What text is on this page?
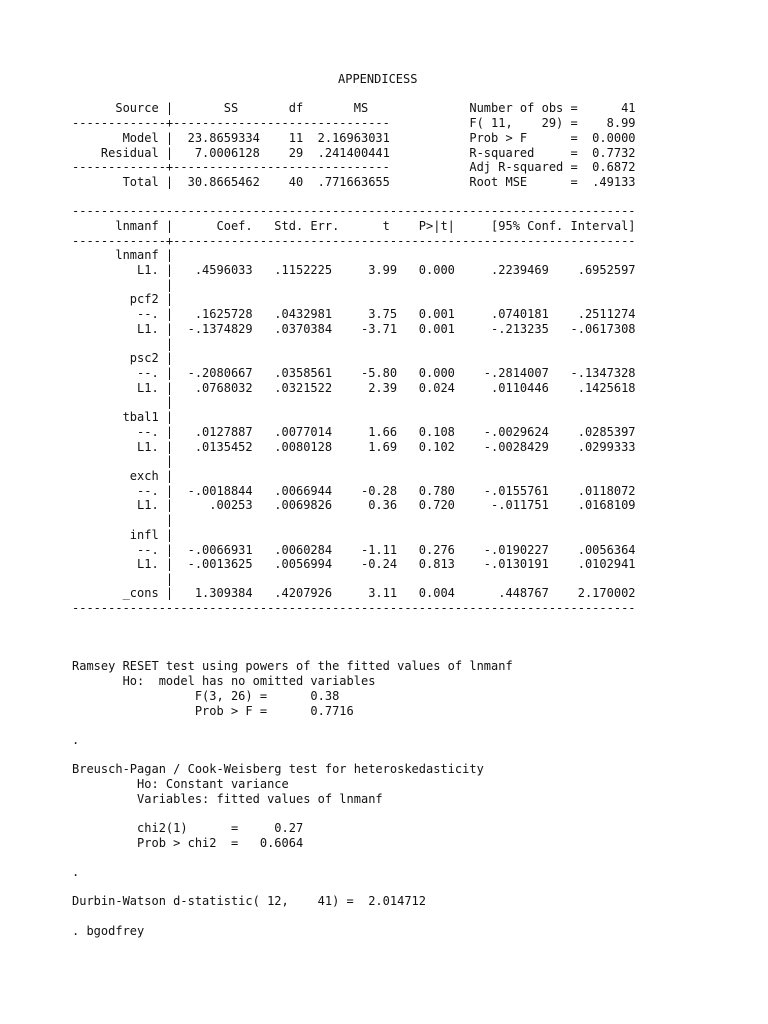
APPENDICESS
Source |       SS       df       MS              Number of obs =      41
-------------+------------------------------           F( 11,    29) =    8.99
Model |  23.8659334    11  2.16963031           Prob > F      =  0.0000
Residual |   7.0006128    29  .241400441           R-squared     =  0.7732
-------------+------------------------------           Adj R-squared =  0.6872
Total |  30.8665462    40  .771663655           Root MSE      =  .49133
------------------------------------------------------------------------------
lnmanf |      Coef.   Std. Err.      t    P>|t|     [95% Conf. Interval]
-------------+----------------------------------------------------------------
lnmanf |
L1. |   .4596033   .1152225     3.99   0.000     .2239469    .6952597
|
pcf2 |
--. |   .1625728   .0432981     3.75   0.001     .0740181    .2511274
L1. |  -.1374829   .0370384    -3.71   0.001     -.213235   -.0617308
|
psc2 |
--. |  -.2080667   .0358561    -5.80   0.000    -.2814007   -.1347328
L1. |   .0768032   .0321522     2.39   0.024     .0110446    .1425618
|
tbal1 |
--. |   .0127887   .0077014     1.66   0.108    -.0029624    .0285397
L1. |   .0135452   .0080128     1.69   0.102    -.0028429    .0299333
|
exch |
--. |  -.0018844   .0066944    -0.28   0.780    -.0155761    .0118072
L1. |     .00253   .0069826     0.36   0.720     -.011751    .0168109
|
infl |
--. |  -.0066931   .0060284    -1.11   0.276    -.0190227    .0056364
L1. |  -.0013625   .0056994    -0.24   0.813    -.0130191    .0102941
|
_cons |   1.309384   .4207926     3.11   0.004      .448767    2.170002
------------------------------------------------------------------------------
Ramsey RESET test using powers of the fitted values of lnmanf
Ho:  model has no omitted variables
F(3, 26) =      0.38
Prob > F =      0.7716
.
Breusch-Pagan / Cook-Weisberg test for heteroskedasticity
Ho: Constant variance
Variables: fitted values of lnmanf
chi2(1)      =     0.27
Prob > chi2  =   0.6064
.
Durbin-Watson d-statistic( 12,    41) =  2.014712
. bgodfrey
